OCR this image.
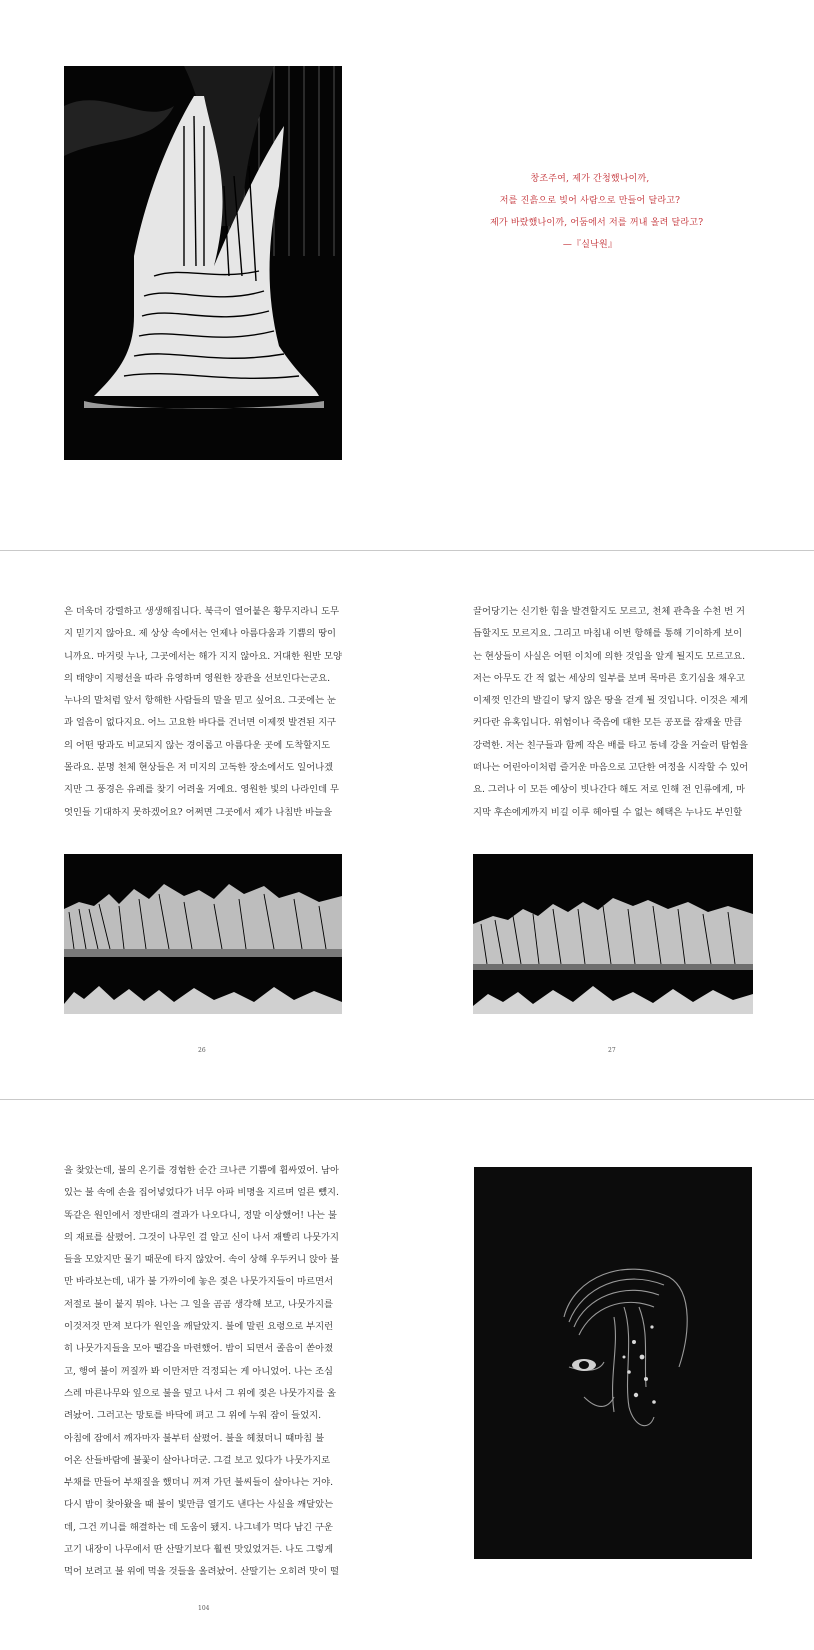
창조주여, 제가 간청했나이까,
저를 진흙으로 빚어 사람으로 만들어 달라고?
제가 바랐했나이까, 어둠에서 저를 꺼내 올려 달라고?
—『실낙원』
은 더욱더 강렬하고 생생해집니다. 북극이 열어붙은 황무지라니 도무
지 믿기지 않아요. 제 상상 속에서는 언제나 아름다움과 기쁨의 땅이
니까요. 마거릿 누나, 그곳에서는 해가 지지 않아요. 거대한 원반 모양
의 태양이 지평선을 따라 유영하며 영원한 장관을 선보인다는군요.
누나의 말처럼 앞서 항해한 사람들의 말을 믿고 싶어요. 그곳에는 눈
과 얼음이 없다지요. 어느 고요한 바다를 건너면 이제껏 발견된 지구
의 어떤 땅과도 비교되지 않는 경이롭고 아름다운 곳에 도착할지도
몰라요. 분명 천체 현상들은 저 미지의 고독한 장소에서도 일어나겠
지만 그 풍경은 유례를 찾기 어려울 거예요. 영원한 빛의 나라인데 무
엇인들 기대하지 못하겠어요? 어쩌면 그곳에서 제가 나침반 바늘을
26
끌어당기는 신기한 힘을 발견할지도 모르고, 천체 관측을 수천 번 거
듭할지도 모르지요. 그리고 마침내 이번 항해를 통해 기이하게 보이
는 현상들이 사실은 어떤 이치에 의한 것임을 알게 될지도 모르고요.
저는 아무도 간 적 없는 세상의 일부를 보며 목마른 호기심을 채우고
이제껏 인간의 발길이 닿지 않은 땅을 걷게 될 것입니다. 이것은 제게
커다란 유혹입니다. 위험이나 죽음에 대한 모든 공포를 잠재울 만큼
강력한. 저는 친구들과 함께 작은 배를 타고 동네 강을 거슬러 탐험을
떠나는 어린아이처럼 즐거운 마음으로 고단한 여정을 시작할 수 있어
요. 그러나 이 모든 예상이 빗나간다 해도 저로 인해 전 인류에게, 마
지막 후손에게까지 비길 이루 헤아릴 수 없는 혜택은 누나도 부인할
27
을 찾았는데, 불의 온기를 경험한 순간 크나큰 기쁨에 휩싸였어. 남아
있는 불 속에 손을 집어넣었다가 너무 아파 비명을 지르며 얼른 뺐지.
똑같은 원인에서 정반대의 결과가 나오다니, 정말 이상했어! 나는 불
의 재료를 살폈어. 그것이 나무인 걸 알고 신이 나서 재빨리 나뭇가지
들을 모았지만 물기 때문에 타지 않았어. 속이 상해 우두커니 앉아 불
만 바라보는데, 내가 불 가까이에 놓은 젖은 나뭇가지들이 마르면서
저절로 불이 붙지 뭐야. 나는 그 일을 곰곰 생각해 보고, 나뭇가지를
이것저것 만져 보다가 원인을 깨달았지. 불에 말린 요령으로 부지런
히 나뭇가지들을 모아 땔감을 마련했어. 밤이 되면서 졸음이 쏟아졌
고, 행여 불이 꺼질까 봐 이만저만 걱정되는 게 아니었어. 나는 조심
스레 마른나무와 잎으로 불을 덮고 나서 그 위에 젖은 나뭇가지를 올
려놨어. 그러고는 망토를 바닥에 펴고 그 위에 누워 잠이 들었지.
아침에 잠에서 깨자마자 불부터 살폈어. 불을 헤쳤더니 때마침 불
어온 산들바람에 불꽃이 살아나더군. 그걸 보고 있다가 나뭇가지로
부채를 만들어 부채질을 했더니 꺼져 가던 불씨들이 살아나는 거야.
다시 밤이 찾아왔을 때 불이 빛만큼 열기도 낸다는 사실을 깨달았는
데, 그건 끼니를 해결하는 데 도움이 됐지. 나그네가 먹다 남긴 구운
고기 내장이 나무에서 딴 산딸기보다 훨씬 맛있었거든. 나도 그렇게
먹어 보려고 불 위에 먹을 것들을 올려놨어. 산딸기는 오히려 맛이 떨
104
